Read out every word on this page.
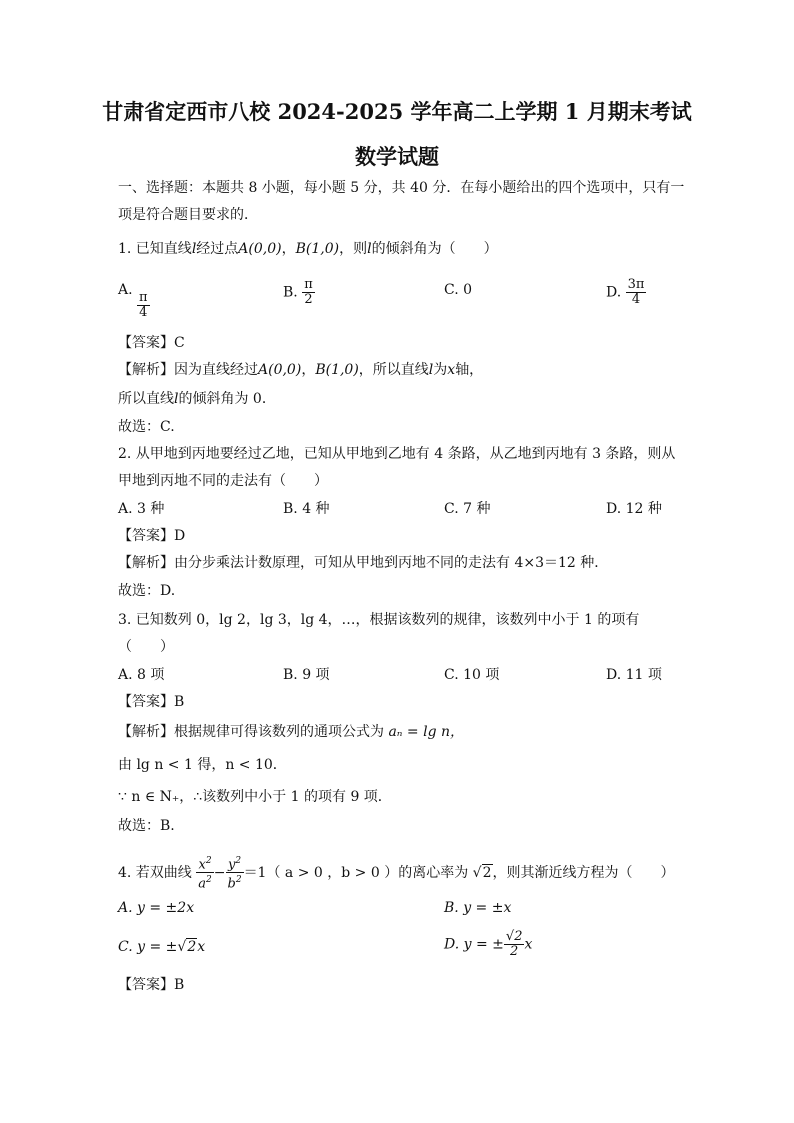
甘肃省定西市八校 2024-2025 学年高二上学期 1 月期末考试
数学试题
一、选择题：本题共 8 小题，每小题 5 分，共 40 分．在每小题给出的四个选项中，只有一
项是符合题目要求的．
1. 已知直线l经过点A(0,0)，B(1,0)，则l的倾斜角为（　　）
A.
$\frac{\pi}{4}$	B. $\frac{\pi}{2}$	C. 0	D. $\frac{3\pi}{4}$
【答案】C
【解析】因为直线经过A(0,0)，B(1,0)，所以直线l为x轴，
所以直线l的倾斜角为 0．
故选：C.
2. 从甲地到丙地要经过乙地，已知从甲地到乙地有 4 条路，从乙地到丙地有 3 条路，则从
甲地到丙地不同的走法有（　　）
A. 3 种	B. 4 种	C. 7 种	D. 12 种
【答案】D
【解析】由分步乘法计数原理，可知从甲地到丙地不同的走法有 4×3＝12 种．
故选：D.
3. 已知数列 0，lg 2，lg 3，lg 4，…，根据该数列的规律，该数列中小于 1 的项有
（　　）
A. 8 项	B. 9 项	C. 10 项	D. 11 项
【答案】B
【解析】根据规律可得该数列的通项公式为 aₙ = lg n，
由 lg n < 1 得，n < 10．
∵ n ∈ N₊，∴该数列中小于 1 的项有 9 项．
故选：B.
4. 若双曲线 $\frac{x^2}{a^2} - \frac{y^2}{b^2} =1$（ a > 0 ，b > 0 ）的离心率为 √2，则其渐近线方程为（　　）
A. y = ±2x	B. y = ±x
C. y = ±√2x	D. y = ± $\frac{√2}{2}$ x
【答案】B
